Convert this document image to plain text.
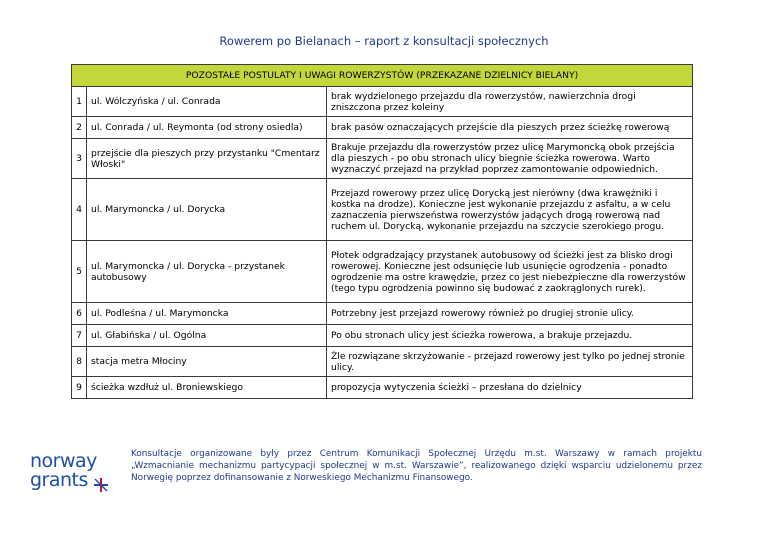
Rowerem po Bielanach – raport z konsultacji społecznych
POZOSTAŁE POSTULATY I UWAGI ROWERZYSTÓW (PRZEKAZANE DZIELNICY BIELANY)		
1	ul. Wólczyńska / ul. Conrada	brak wydzielonego przejazdu dla rowerzystów, nawierzchnia drogi zniszczona przez koleiny
2	ul. Conrada / ul. Reymonta (od strony osiedla)	brak pasów oznaczających przejście dla pieszych przez ścieżkę rowerową
3	przejście dla pieszych przy przystanku "Cmentarz Włoski"	Brakuje przejazdu dla rowerzystów przez ulicę Marymoncką obok przejścia dla pieszych - po obu stronach ulicy biegnie ścieżka rowerowa. Warto wyznaczyć przejazd na przykład poprzez zamontowanie odpowiednich.
4	ul. Marymoncka / ul. Dorycka	Przejazd rowerowy przez ulicę Dorycką jest nierówny (dwa krawężniki i kostka na drodze). Konieczne jest wykonanie przejazdu z asfaltu, a w celu zaznaczenia pierwszeństwa rowerzystów jadących drogą rowerową nad ruchem ul. Dorycką, wykonanie przejazdu na szczycie szerokiego progu.
5	ul. Marymoncka / ul. Dorycka - przystanek autobusowy	Płotek odgradzający przystanek autobusowy od ścieżki jest za blisko drogi rowerowej. Konieczne jest odsunięcie lub usunięcie ogrodzenia - ponadto ogrodzenie ma ostre krawędzie, przez co jest niebezpieczne dla rowerzystów (tego typu ogrodzenia powinno się budować z zaokrąglonych rurek).
6	ul. Podleśna / ul. Marymoncka	Potrzebny jest przejazd rowerowy również po drugiej stronie ulicy.
7	ul. Głabińska / ul. Ogólna	Po obu stronach ulicy jest ścieżka rowerowa, a brakuje przejazdu.
8	stacja metra Młociny	Źle rozwiązane skrzyżowanie - przejazd rowerowy jest tylko po jednej stronie ulicy.
9	ścieżka wzdłuż ul. Broniewskiego	propozycja wytyczenia ścieżki – przesłana do dzielnicy
norway
grants
Konsultacje organizowane były przez Centrum Komunikacji Społecznej Urzędu m.st. Warszawy w ramach projektu „Wzmacnianie mechanizmu partycypacji społecznej w m.st. Warszawie”, realizowanego dzięki wsparciu udzielonemu przez Norwegię poprzez dofinansowanie z Norweskiego Mechanizmu Finansowego.
